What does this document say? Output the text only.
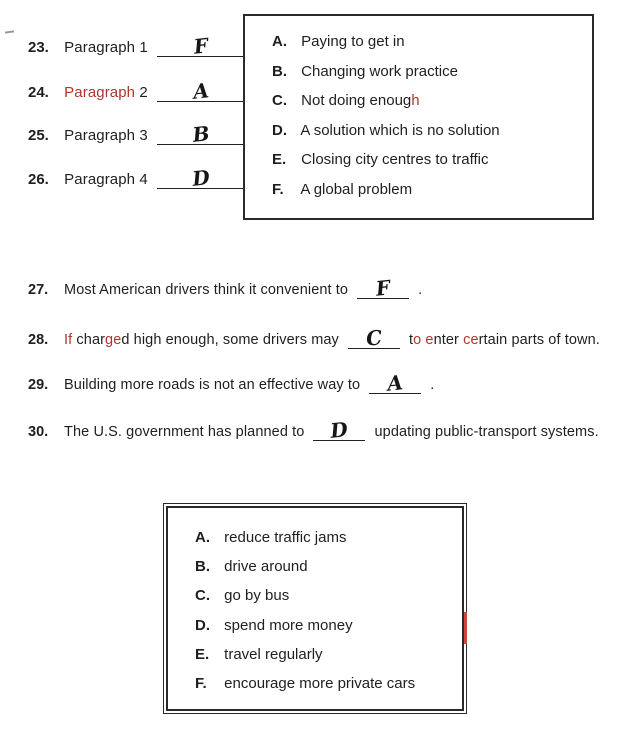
23. Paragraph 1 F
24. Paragraph 2 A
25. Paragraph 3 B
26. Paragraph 4 D
A. Paying to get in
B. Changing work practice
C. Not doing enough
D. A solution which is no solution
E. Closing city centres to traffic
F. A global problem
27. Most American drivers think it convenient to F .
28. If charged high enough, some drivers may C to enter certain parts of town.
29. Building more roads is not an effective way to A .
30. The U.S. government has planned to D updating public-transport systems.
A. reduce traffic jams
B. drive around
C. go by bus
D. spend more money
E. travel regularly
F. encourage more private cars
